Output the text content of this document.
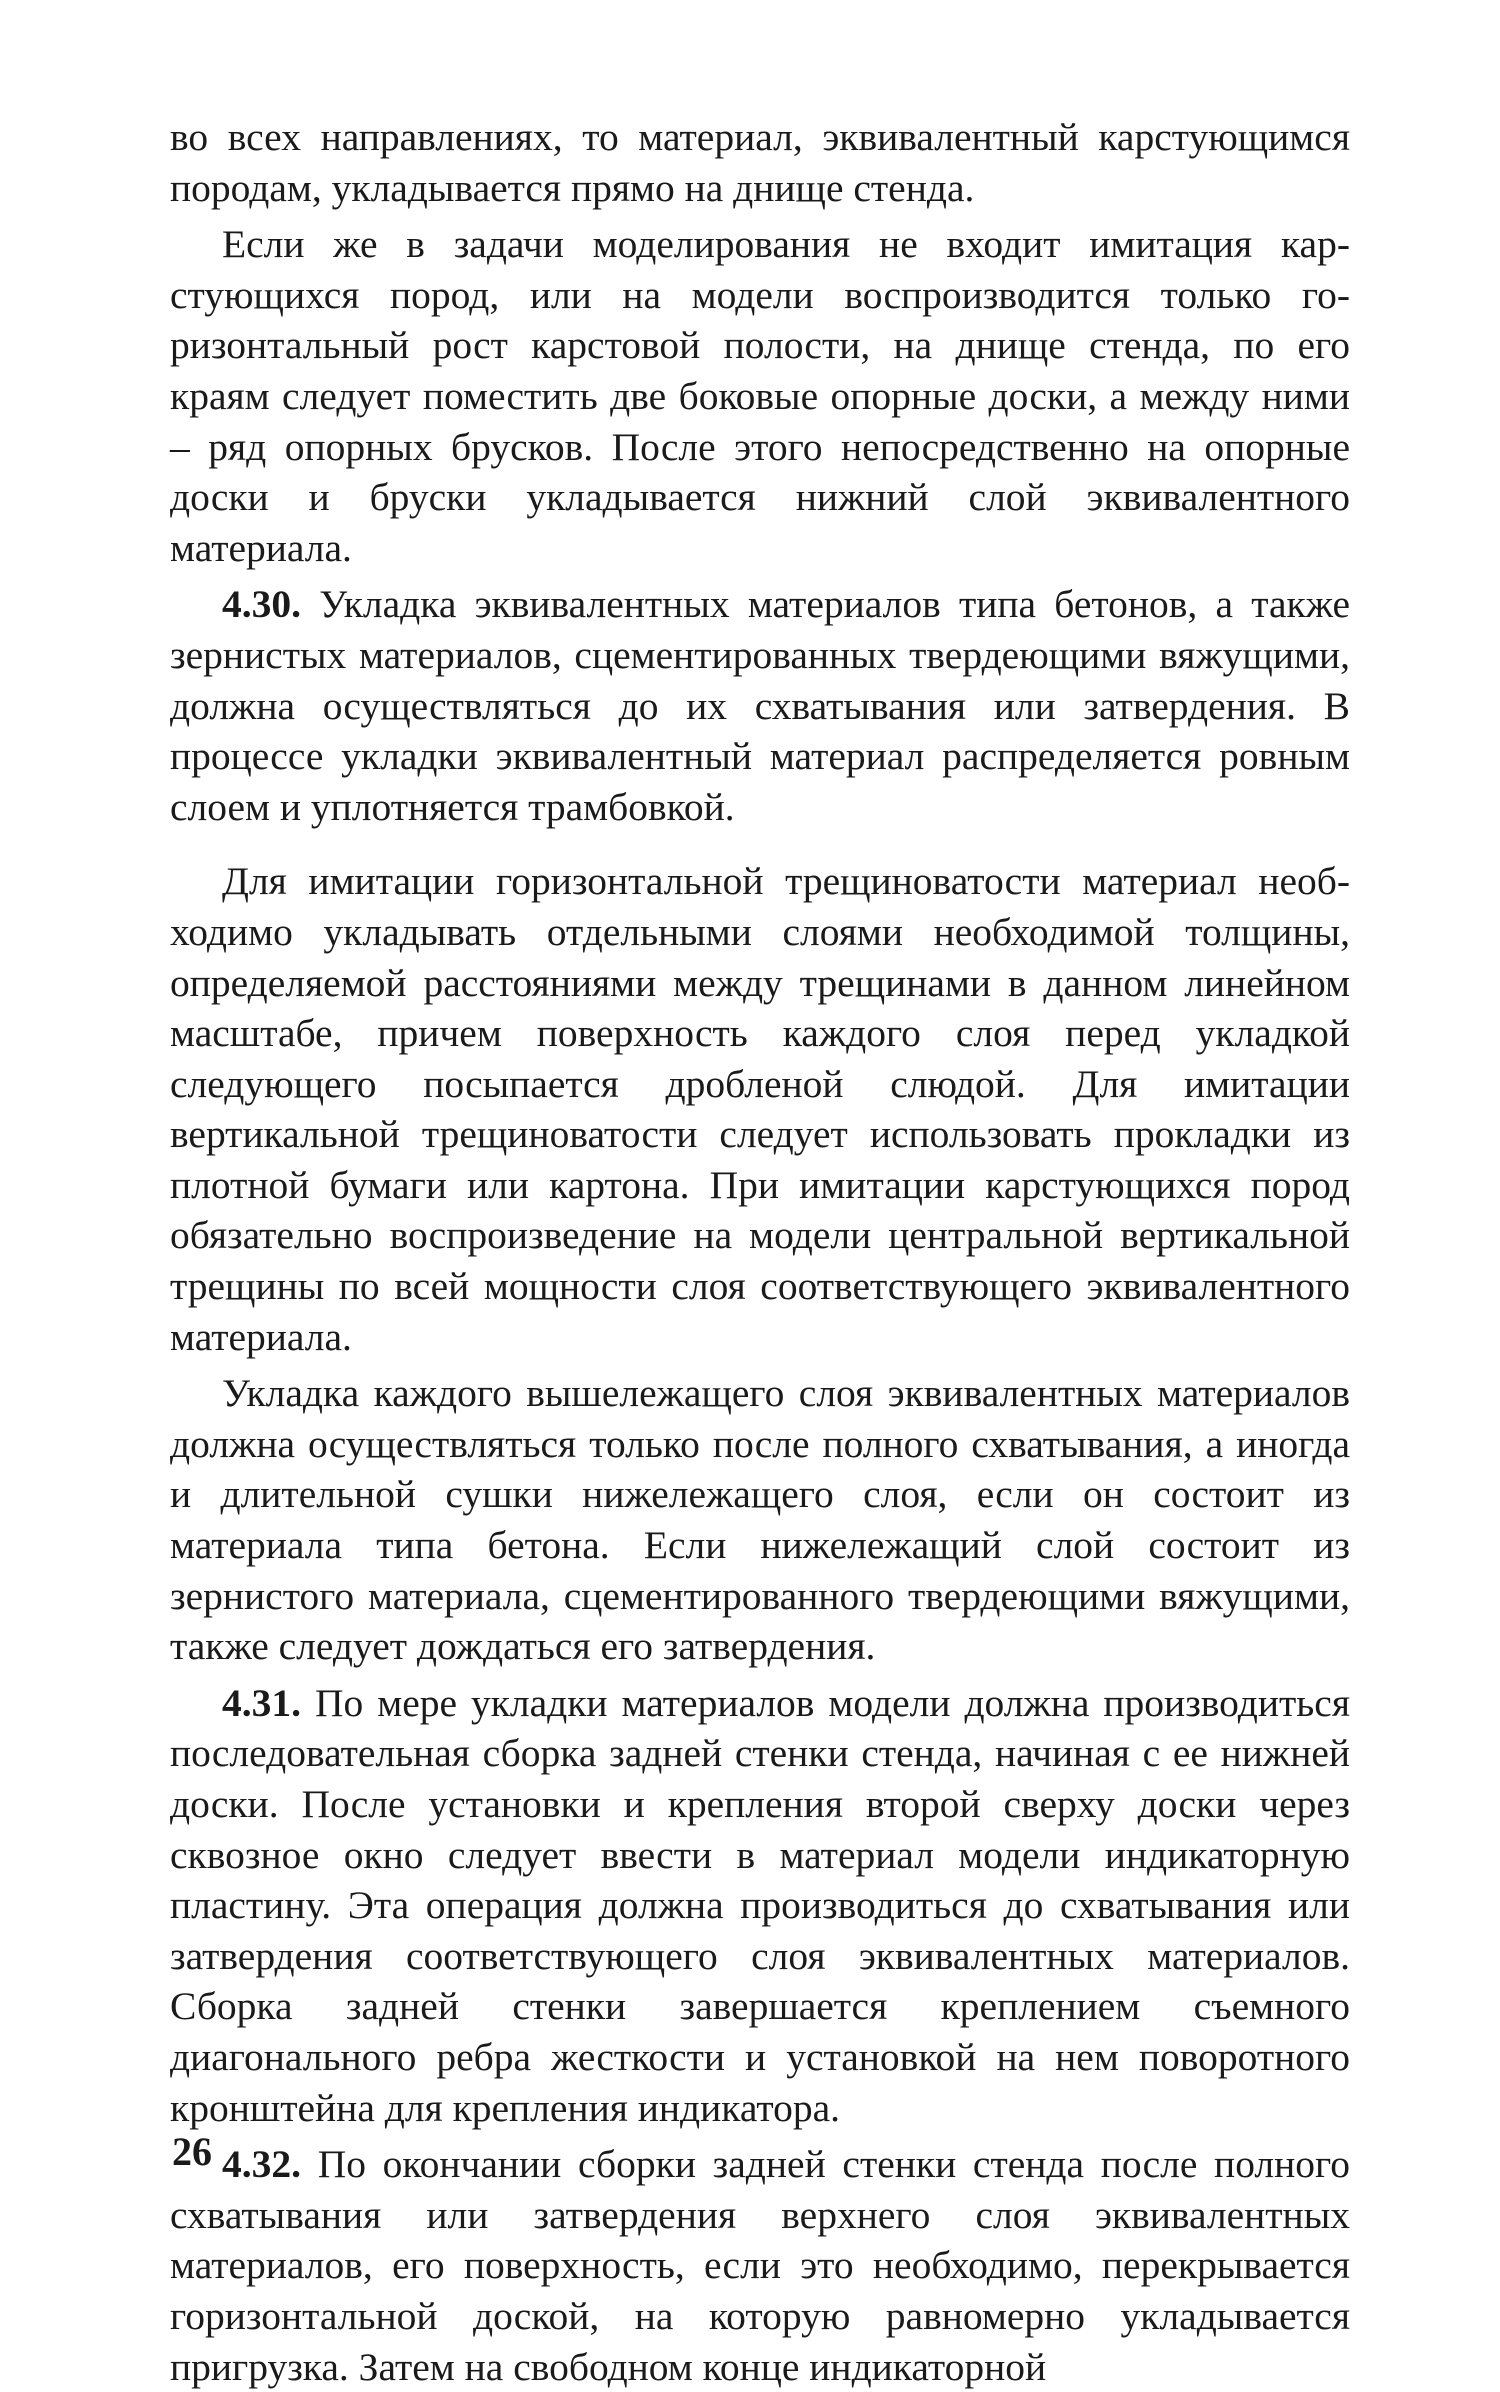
во всех направлениях, то материал, эквивалентный карстующимся породам, укладывается прямо на днище стенда.

Если же в задачи моделирования не входит имитация карстующихся пород, или на модели воспроизводится только горизонтальный рост карстовой полости, на днище стенда, по его краям следует поместить две боковые опорные доски, а между ними – ряд опорных брусков. После этого непосредственно на опорные доски и бруски укладывается нижний слой эквивалентного материала.

4.30. Укладка эквивалентных материалов типа бетонов, а также зернистых материалов, сцементированных твердеющими вяжущими, должна осуществляться до их схватывания или затвердения. В процессе укладки эквивалентный материал распределяется ровным слоем и уплотняется трамбовкой.

Для имитации горизонтальной трещиноватости материал необходимо укладывать отдельными слоями необходимой толщины, определяемой расстояниями между трещинами в данном линейном масштабе, причем поверхность каждого слоя перед укладкой следующего посыпается дробленой слюдой. Для имитации вертикальной трещиноватости следует использовать прокладки из плотной бумаги или картона. При имитации карстующихся пород обязательно воспроизведение на модели центральной вертикальной трещины по всей мощности слоя соответствующего эквивалентного материала.

Укладка каждого вышележащего слоя эквивалентных материалов должна осуществляться только после полного схватывания, а иногда и длительной сушки нижележащего слоя, если он состоит из материала типа бетона. Если нижележащий слой состоит из зернистого материала, сцементированного твердеющими вяжущими, также следует дождаться его затвердения.

4.31. По мере укладки материалов модели должна производиться последовательная сборка задней стенки стенда, начиная с ее нижней доски. После установки и крепления второй сверху доски через сквозное окно следует ввести в материал модели индикаторную пластину. Эта операция должна производиться до схватывания или затвердения соответствующего слоя эквивалентных материалов. Сборка задней стенки завершается креплением съемного диагонального ребра жесткости и установкой на нем поворотного кронштейна для крепления индикатора.

4.32. По окончании сборки задней стенки стенда после полного схватывания или затвердения верхнего слоя эквивалентных материалов, его поверхность, если это необходимо, перекрывается горизонтальной доской, на которую равномерно укладывается пригрузка. Затем на свободном конце индикаторной

26
